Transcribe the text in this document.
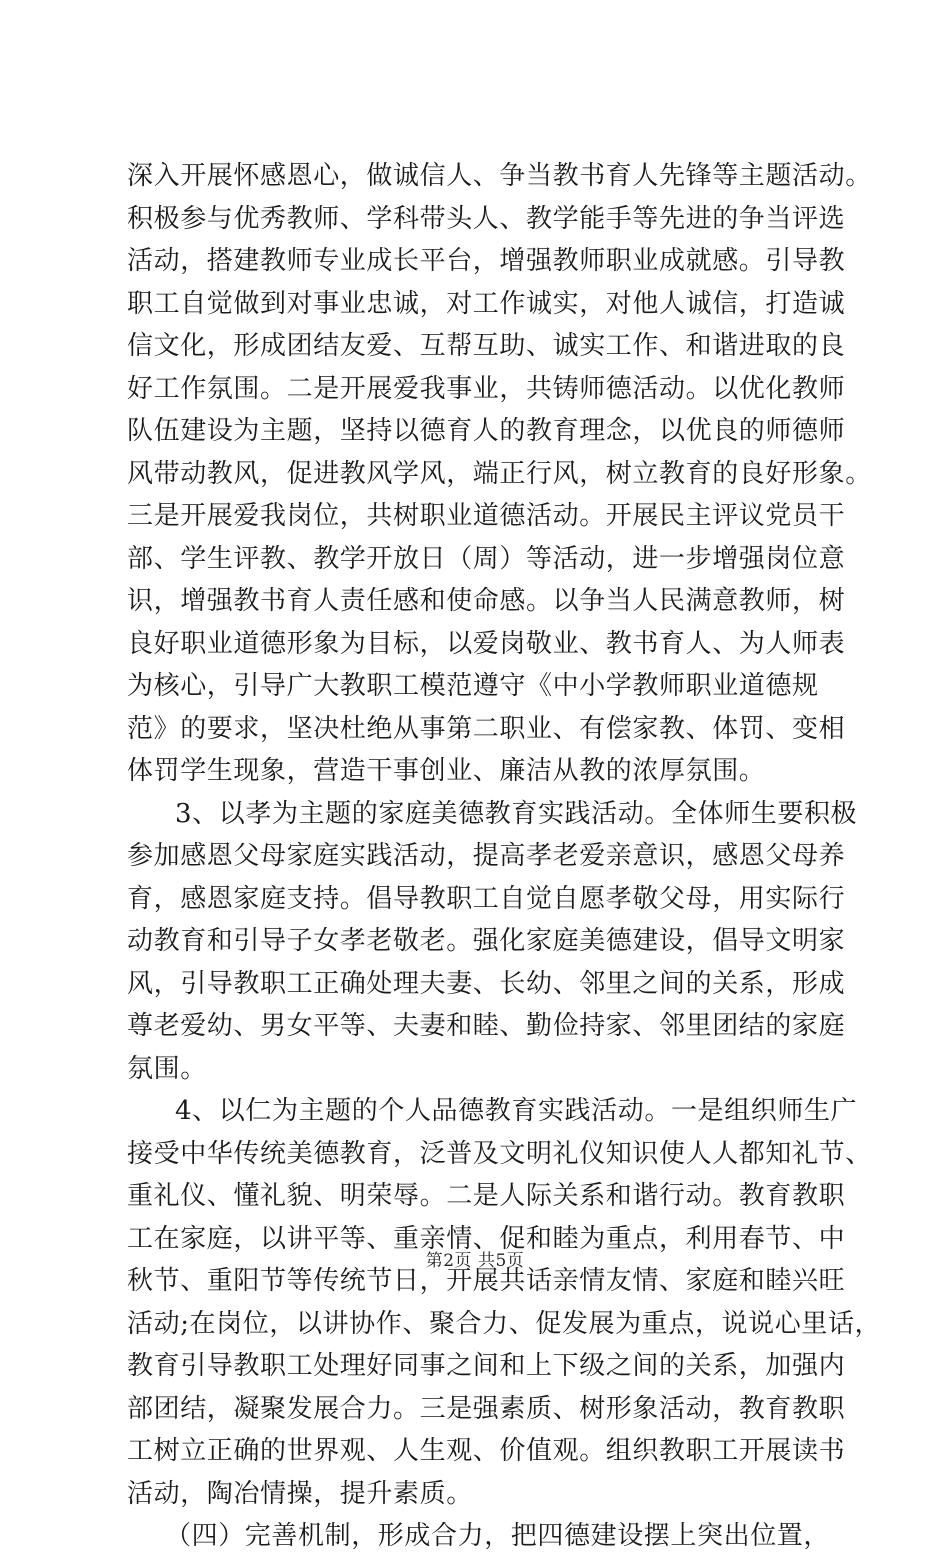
深入开展怀感恩心，做诚信人、争当教书育人先锋等主题活动。
积极参与优秀教师、学科带头人、教学能手等先进的争当评选
活动，搭建教师专业成长平台，增强教师职业成就感。引导教
职工自觉做到对事业忠诚，对工作诚实，对他人诚信，打造诚
信文化，形成团结友爱、互帮互助、诚实工作、和谐进取的良
好工作氛围。二是开展爱我事业，共铸师德活动。以优化教师
队伍建设为主题，坚持以德育人的教育理念，以优良的师德师
风带动教风，促进教风学风，端正行风，树立教育的良好形象。
三是开展爱我岗位，共树职业道德活动。开展民主评议党员干
部、学生评教、教学开放日（周）等活动，进一步增强岗位意
识，增强教书育人责任感和使命感。以争当人民满意教师，树
良好职业道德形象为目标，以爱岗敬业、教书育人、为人师表
为核心，引导广大教职工模范遵守《中小学教师职业道德规
范》的要求，坚决杜绝从事第二职业、有偿家教、体罚、变相
体罚学生现象，营造干事创业、廉洁从教的浓厚氛围。
3、以孝为主题的家庭美德教育实践活动。全体师生要积极
参加感恩父母家庭实践活动，提高孝老爱亲意识，感恩父母养
育，感恩家庭支持。倡导教职工自觉自愿孝敬父母，用实际行
动教育和引导子女孝老敬老。强化家庭美德建设，倡导文明家
风，引导教职工正确处理夫妻、长幼、邻里之间的关系，形成
尊老爱幼、男女平等、夫妻和睦、勤俭持家、邻里团结的家庭
氛围。
4、以仁为主题的个人品德教育实践活动。一是组织师生广
接受中华传统美德教育，泛普及文明礼仪知识使人人都知礼节、
重礼仪、懂礼貌、明荣辱。二是人际关系和谐行动。教育教职
工在家庭，以讲平等、重亲情、促和睦为重点，利用春节、中
秋节、重阳节等传统节日，开展共话亲情友情、家庭和睦兴旺
活动;在岗位，以讲协作、聚合力、促发展为重点，说说心里话，
教育引导教职工处理好同事之间和上下级之间的关系，加强内
部团结，凝聚发展合力。三是强素质、树形象活动，教育教职
工树立正确的世界观、人生观、价值观。组织教职工开展读书
活动，陶冶情操，提升素质。
（四）完善机制，形成合力，把四德建设摆上突出位置，
第2页 共5页
